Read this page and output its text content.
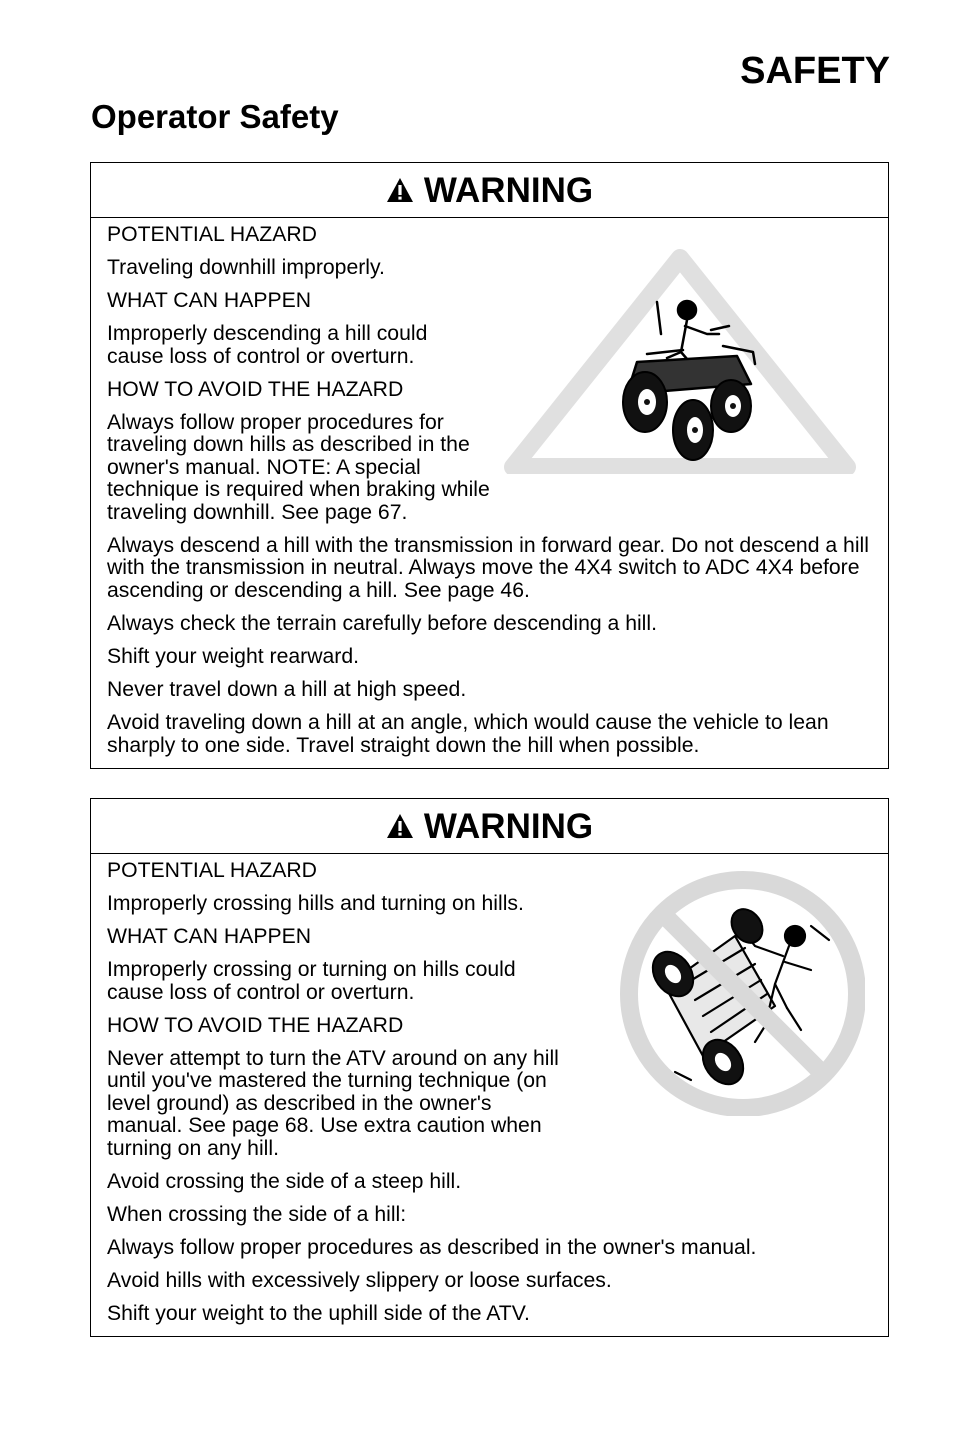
SAFETY
Operator Safety
WARNING

POTENTIAL HAZARD

Traveling downhill improperly.

WHAT CAN HAPPEN

Improperly descending a hill could cause loss of control or overturn.

HOW TO AVOID THE HAZARD

Always follow proper procedures for traveling down hills as described in the owner's manual. NOTE: A special technique is required when braking while traveling downhill. See page 67.

Always descend a hill with the transmission in forward gear. Do not descend a hill with the transmission in neutral. Always move the 4X4 switch to ADC 4X4 before ascending or descending a hill. See page 46.

Always check the terrain carefully before descending a hill.

Shift your weight rearward.

Never travel down a hill at high speed.

Avoid traveling down a hill at an angle, which would cause the vehicle to lean sharply to one side. Travel straight down the hill when possible.

WARNING

POTENTIAL HAZARD

Improperly crossing hills and turning on hills.

WHAT CAN HAPPEN

Improperly crossing or turning on hills could cause loss of control or overturn.

HOW TO AVOID THE HAZARD

Never attempt to turn the ATV around on any hill until you've mastered the turning technique (on level ground) as described in the owner's manual. See page 68. Use extra caution when turning on any hill.

Avoid crossing the side of a steep hill.

When crossing the side of a hill:

Always follow proper procedures as described in the owner's manual.

Avoid hills with excessively slippery or loose surfaces.

Shift your weight to the uphill side of the ATV.
